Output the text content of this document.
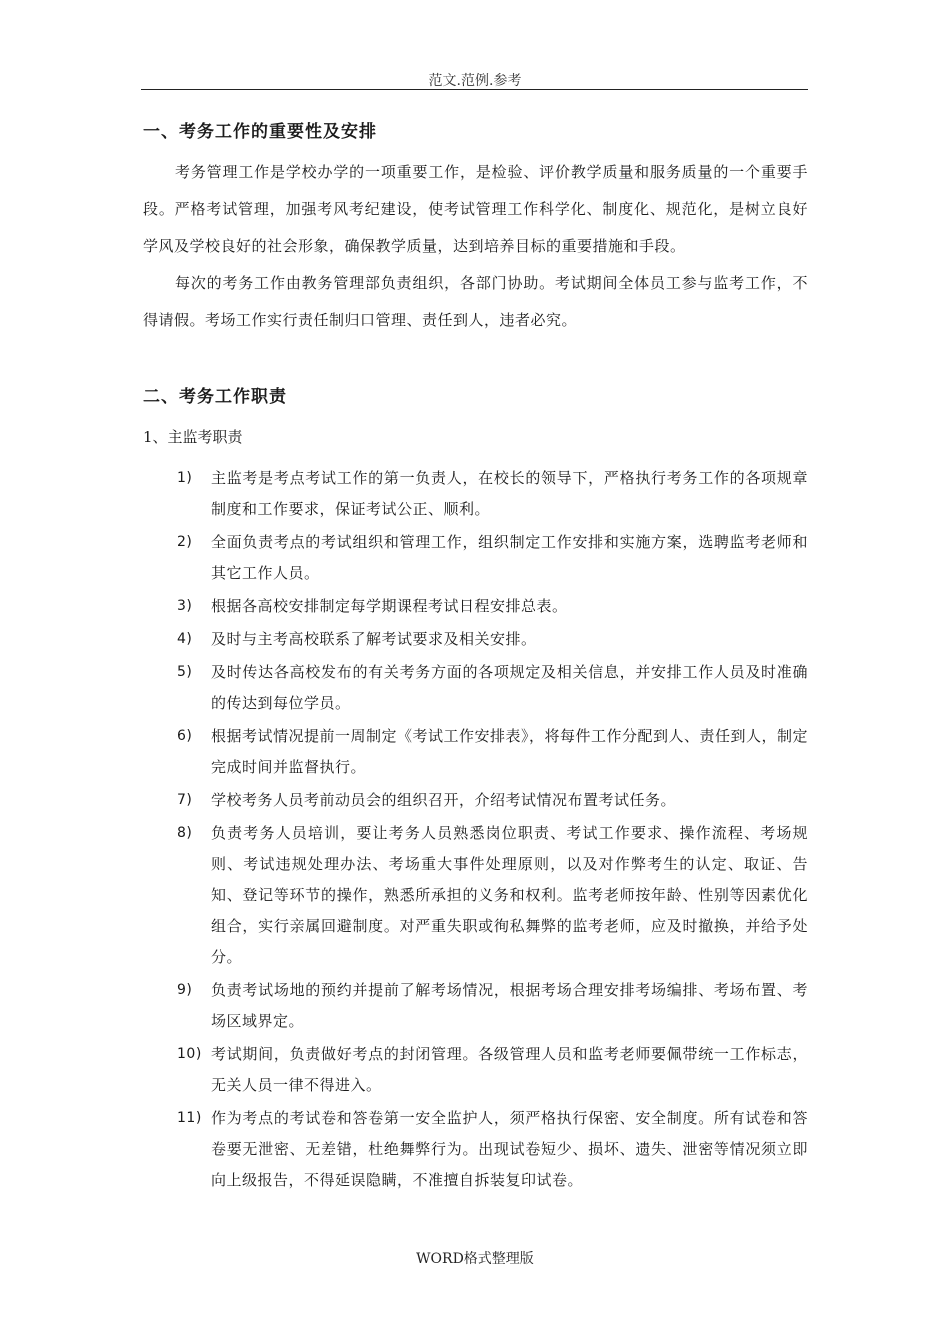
范文.范例.参考
一、考务工作的重要性及安排

考务管理工作是学校办学的一项重要工作，是检验、评价教学质量和服务质量的一个重要手段。严格考试管理，加强考风考纪建设，使考试管理工作科学化、制度化、规范化，是树立良好学风及学校良好的社会形象，确保教学质量，达到培养目标的重要措施和手段。

每次的考务工作由教务管理部负责组织，各部门协助。考试期间全体员工参与监考工作，不得请假。考场工作实行责任制归口管理、责任到人，违者必究。

二、考务工作职责

1、主监考职责

1) 主监考是考点考试工作的第一负责人，在校长的领导下，严格执行考务工作的各项规章制度和工作要求，保证考试公正、顺利。
2) 全面负责考点的考试组织和管理工作，组织制定工作安排和实施方案，选聘监考老师和其它工作人员。
3) 根据各高校安排制定每学期课程考试日程安排总表。
4) 及时与主考高校联系了解考试要求及相关安排。
5) 及时传达各高校发布的有关考务方面的各项规定及相关信息，并安排工作人员及时准确的传达到每位学员。
6) 根据考试情况提前一周制定《考试工作安排表》，将每件工作分配到人、责任到人，制定完成时间并监督执行。
7) 学校考务人员考前动员会的组织召开，介绍考试情况布置考试任务。
8) 负责考务人员培训，要让考务人员熟悉岗位职责、考试工作要求、操作流程、考场规则、考试违规处理办法、考场重大事件处理原则，以及对作弊考生的认定、取证、告知、登记等环节的操作，熟悉所承担的义务和权利。监考老师按年龄、性别等因素优化组合，实行亲属回避制度。对严重失职或徇私舞弊的监考老师，应及时撤换，并给予处分。
9) 负责考试场地的预约并提前了解考场情况，根据考场合理安排考场编排、考场布置、考场区域界定。
10) 考试期间，负责做好考点的封闭管理。各级管理人员和监考老师要佩带统一工作标志，无关人员一律不得进入。
11) 作为考点的考试卷和答卷第一安全监护人，须严格执行保密、安全制度。所有试卷和答卷要无泄密、无差错，杜绝舞弊行为。出现试卷短少、损坏、遗失、泄密等情况须立即向上级报告，不得延误隐瞒，不准擅自拆装复印试卷。
WORD格式整理版
